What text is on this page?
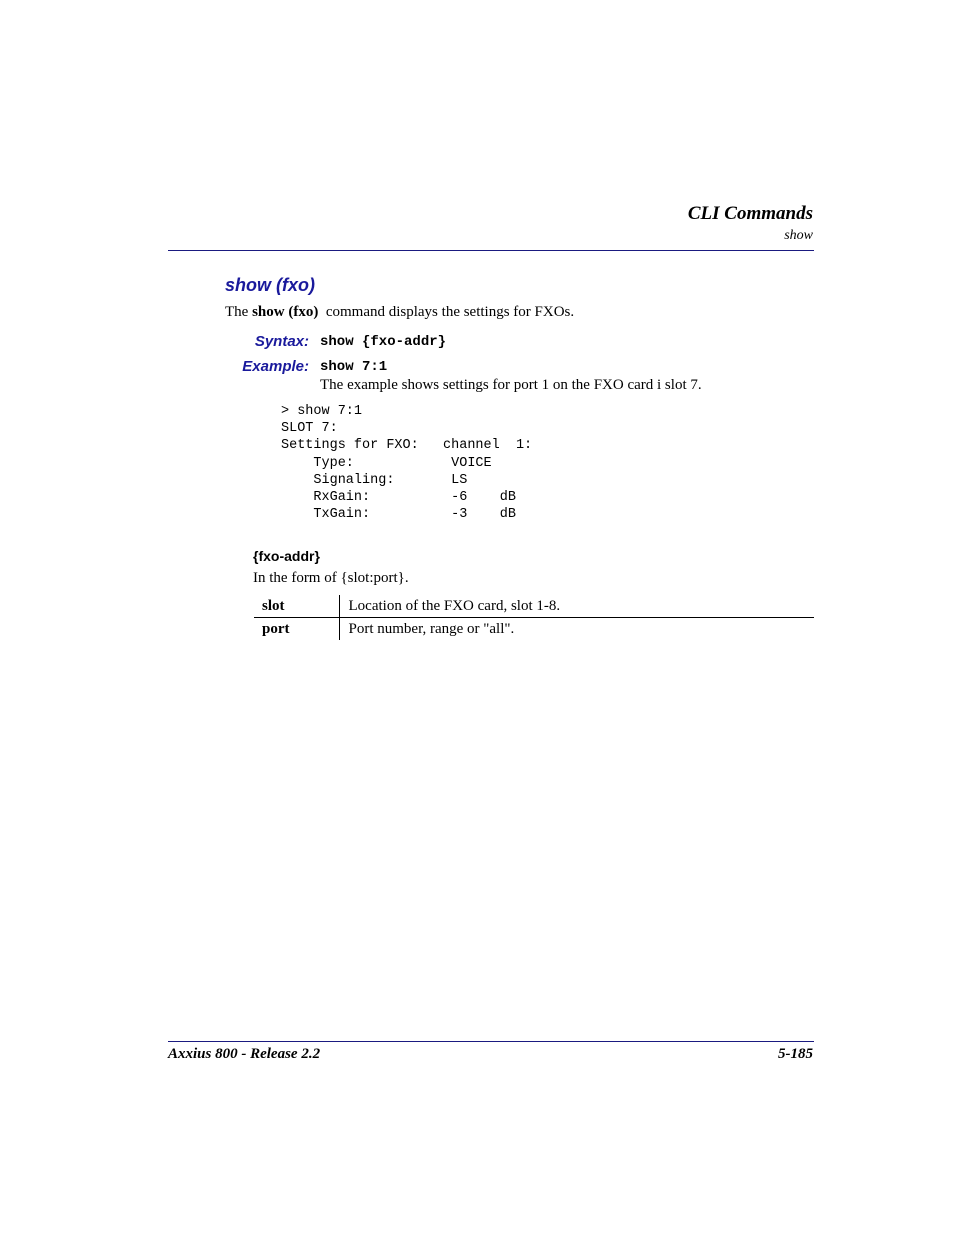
CLI Commands
show
show (fxo)
The show (fxo)  command displays the settings for FXOs.
Syntax: show {fxo-addr}
Example: show 7:1
The example shows settings for port 1 on the FXO card i slot 7.
> show 7:1
SLOT 7:
Settings for FXO:   channel  1:
Type:            VOICE
Signaling:       LS
RxGain:          -6    dB
TxGain:          -3    dB
{fxo-addr}
In the form of {slot:port}.
slot	Location of the FXO card, slot 1-8.
port	Port number, range or "all".
Axxius 800 - Release 2.2	5-185
